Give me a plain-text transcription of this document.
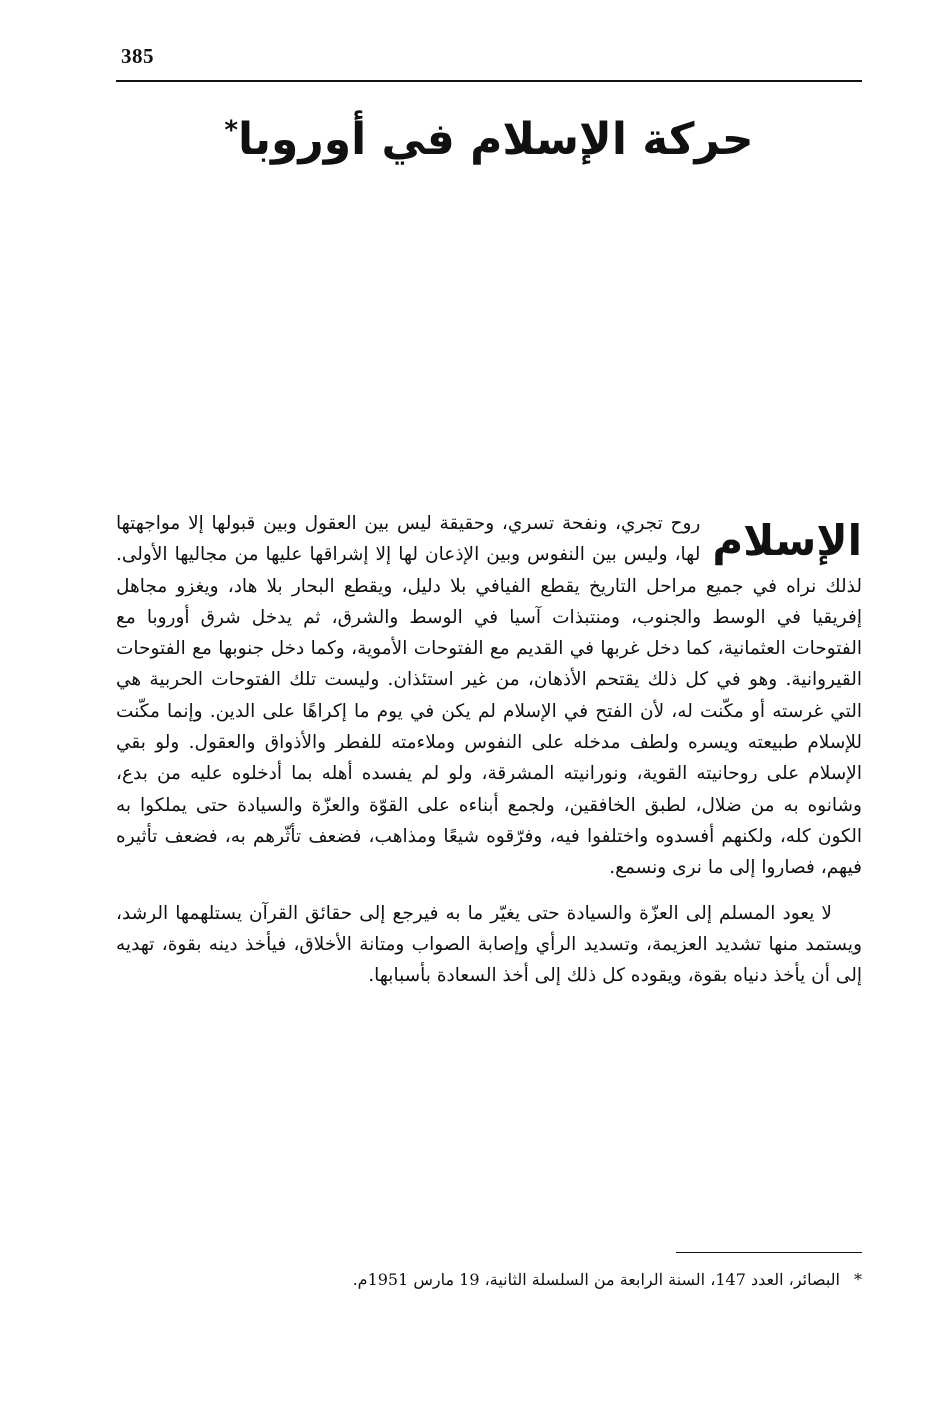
385
حركة الإسلام في أوروبا*

الإسلام
روح تجري، ونفحة تسري، وحقيقة ليس بين العقول وبين قبولها إلا مواجهتها لها، وليس بين النفوس وبين الإذعان لها إلا إشراقها عليها من مجاليها الأولى. لذلك نراه في جميع مراحل التاريخ يقطع الفيافي بلا دليل، ويقطع البحار بلا هاد، ويغزو مجاهل إفريقيا في الوسط والجنوب، ومنتبذات آسيا في الوسط والشرق، ثم يدخل شرق أوروبا مع الفتوحات العثمانية، كما دخل غربها في القديم مع الفتوحات الأموية، وكما دخل جنوبها مع الفتوحات القيروانية. وهو في كل ذلك يقتحم الأذهان، من غير استئذان. وليست تلك الفتوحات الحربية هي التي غرسته أو مكّنت له، لأن الفتح في الإسلام لم يكن في يوم ما إكراهًا على الدين. وإنما مكّنت للإسلام طبيعته ويسره ولطف مدخله على النفوس وملاءمته للفطر والأذواق والعقول. ولو بقي الإسلام على روحانيته القوية، ونورانيته المشرقة، ولو لم يفسده أهله بما أدخلوه عليه من بدع، وشانوه به من ضلال، لطبق الخافقين، ولجمع أبناءه على القوّة والعزّة والسيادة حتى يملكوا به الكون كله، ولكنهم أفسدوه واختلفوا فيه، وفرّقوه شيعًا ومذاهب، فضعف تأثّرهم به، فضعف تأثيره فيهم، فصاروا إلى ما نرى ونسمع.

لا يعود المسلم إلى العزّة والسيادة حتى يغيّر ما به فيرجع إلى حقائق القرآن يستلهمها الرشد، ويستمد منها تشديد العزيمة، وتسديد الرأي وإصابة الصواب ومتانة الأخلاق، فيأخذ دينه بقوة، تهديه إلى أن يأخذ دنياه بقوة، ويقوده كل ذلك إلى أخذ السعادة بأسبابها.

*البصائر، العدد 147، السنة الرابعة من السلسلة الثانية، 19 مارس 1951م.
